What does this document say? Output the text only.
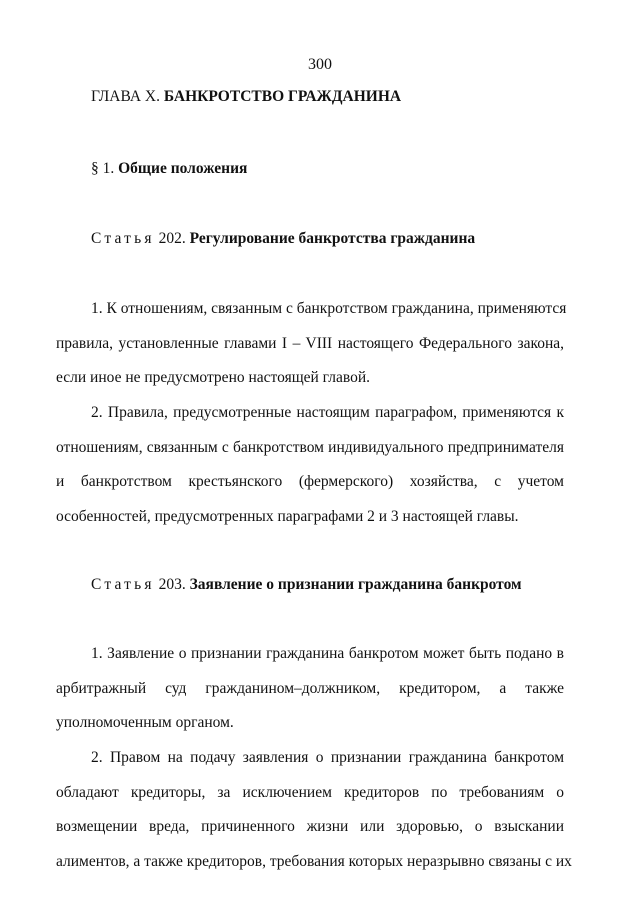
300
ГЛАВА X. БАНКРОТСТВО ГРАЖДАНИНА
§ 1. Общие положения
Статья 202. Регулирование банкротства гражданина
1. К отношениям, связанным с банкротством гражданина, применяются
правила, установленные главами I – VIII настоящего Федерального закона,
если иное не предусмотрено настоящей главой.
2. Правила, предусмотренные настоящим параграфом, применяются к
отношениям, связанным с банкротством индивидуального предпринимателя
и банкротством крестьянского (фермерского) хозяйства, с учетом
особенностей, предусмотренных параграфами 2 и 3 настоящей главы.
Статья 203. Заявление о признании гражданина банкротом
1. Заявление о признании гражданина банкротом может быть подано в
арбитражный суд гражданином–должником, кредитором, а также
уполномоченным органом.
2. Правом на подачу заявления о признании гражданина банкротом
обладают кредиторы, за исключением кредиторов по требованиям о
возмещении вреда, причиненного жизни или здоровью, о взыскании
алиментов, а также кредиторов, требования которых неразрывно связаны с их
